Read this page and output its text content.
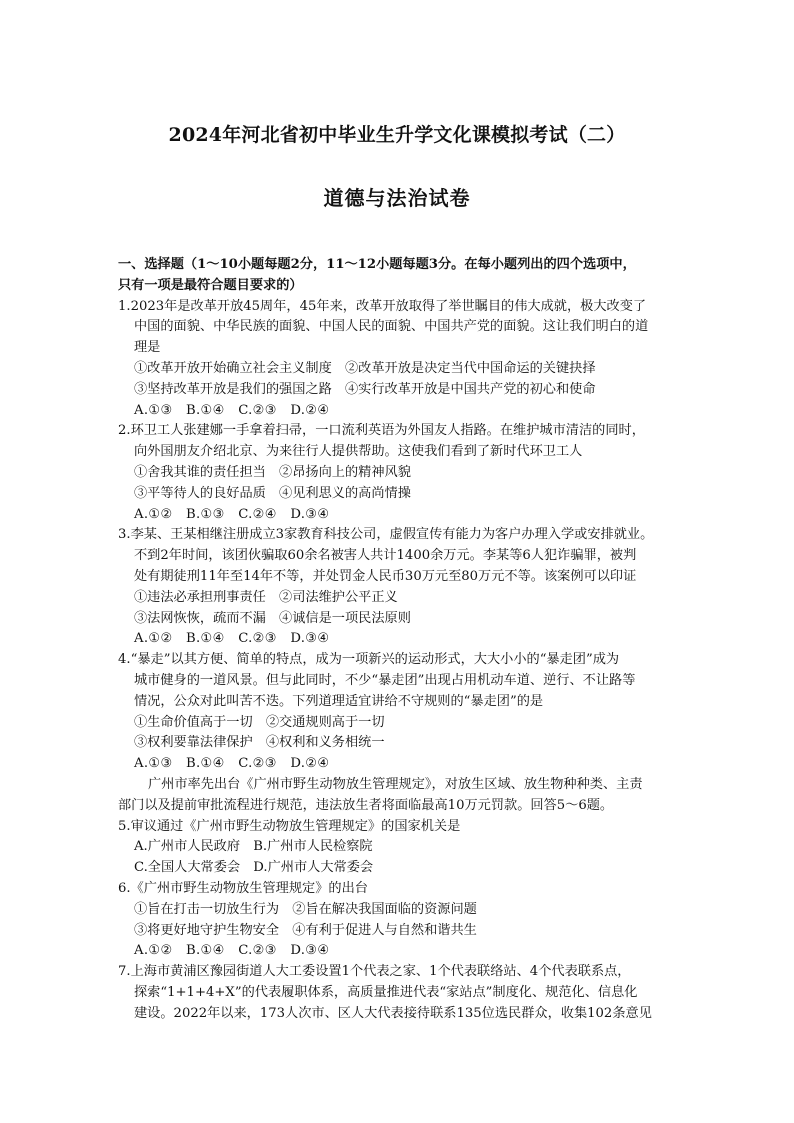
2024年河北省初中毕业生升学文化课模拟考试（二）
道德与法治试卷
一、选择题（1～10小题每题2分，11～12小题每题3分。在每小题列出的四个选项中，
只有一项是最符合题目要求的）
1.2023年是改革开放45周年，45年来，改革开放取得了举世瞩目的伟大成就，极大改变了
中国的面貌、中华民族的面貌、中国人民的面貌、中国共产党的面貌。这让我们明白的道
理是
①改革开放开始确立社会主义制度　②改革开放是决定当代中国命运的关键抉择
③坚持改革开放是我们的强国之路　④实行改革开放是中国共产党的初心和使命
A.①③　B.①④　C.②③　D.②④
2.环卫工人张建娜一手拿着扫帚，一口流利英语为外国友人指路。在维护城市清洁的同时，
向外国朋友介绍北京、为来往行人提供帮助。这使我们看到了新时代环卫工人
①舍我其谁的责任担当　②昂扬向上的精神风貌
③平等待人的良好品质　④见利思义的高尚情操
A.①②　B.①③　C.②④　D.③④
3.李某、王某相继注册成立3家教育科技公司，虚假宣传有能力为客户办理入学或安排就业。
不到2年时间，该团伙骗取60余名被害人共计1400余万元。李某等6人犯诈骗罪，被判
处有期徒刑11年至14年不等，并处罚金人民币30万元至80万元不等。该案例可以印证
①违法必承担刑事责任　②司法维护公平正义
③法网恢恢，疏而不漏　④诚信是一项民法原则
A.①②　B.①④　C.②③　D.③④
4.“暴走”以其方便、简单的特点，成为一项新兴的运动形式，大大小小的“暴走团”成为
城市健身的一道风景。但与此同时，不少“暴走团”出现占用机动车道、逆行、不让路等
情况，公众对此叫苦不迭。下列道理适宜讲给不守规则的“暴走团”的是
①生命价值高于一切　②交通规则高于一切
③权利要靠法律保护　④权利和义务相统一
A.①③　B.①④　C.②③　D.②④
广州市率先出台《广州市野生动物放生管理规定》，对放生区域、放生物种种类、主责
部门以及提前审批流程进行规范，违法放生者将面临最高10万元罚款。回答5～6题。
5.审议通过《广州市野生动物放生管理规定》的国家机关是
A.广州市人民政府　B.广州市人民检察院
C.全国人大常委会　D.广州市人大常委会
6.《广州市野生动物放生管理规定》的出台
①旨在打击一切放生行为　②旨在解决我国面临的资源问题
③将更好地守护生物安全　④有利于促进人与自然和谐共生
A.①②　B.①④　C.②③　D.③④
7.上海市黄浦区豫园街道人大工委设置1个代表之家、1个代表联络站、4个代表联系点，
探索“1+1+4+X”的代表履职体系，高质量推进代表“家站点”制度化、规范化、信息化
建设。2022年以来，173人次市、区人大代表接待联系135位选民群众，收集102条意见
